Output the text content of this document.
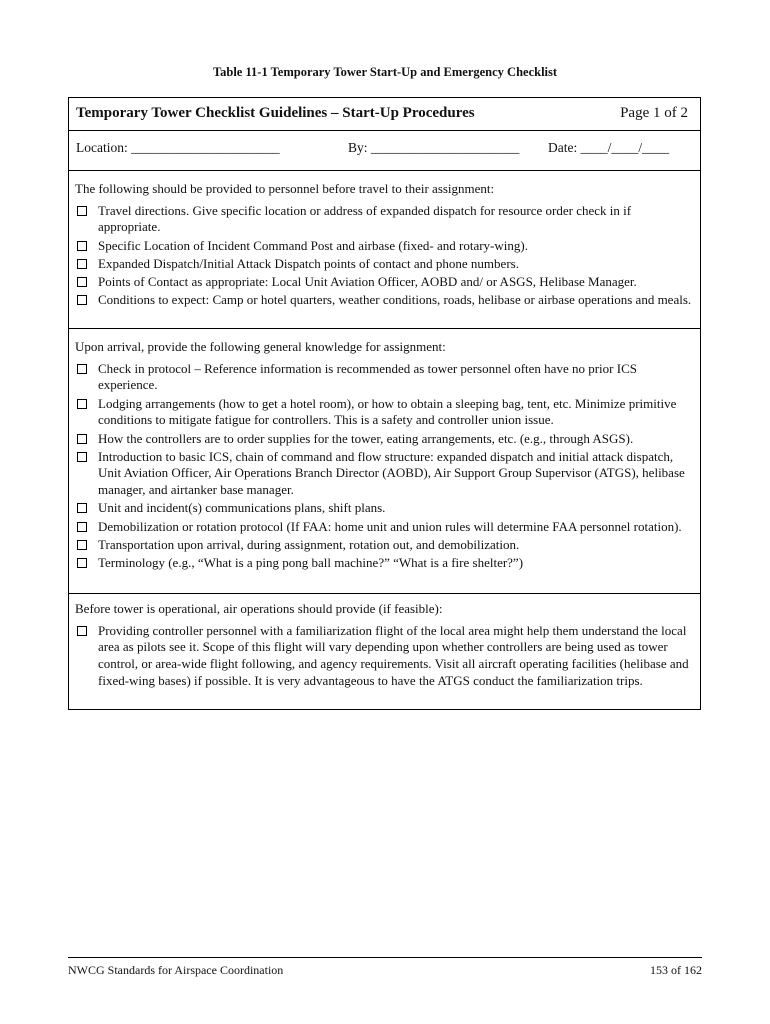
Table 11-1 Temporary Tower Start-Up and Emergency Checklist
Temporary Tower Checklist Guidelines – Start-Up Procedures	Page 1 of 2
Location: ______________________	By: ______________________ Date: ____/____/____

The following should be provided to personnel before travel to their assignment:

Travel directions. Give specific location or address of expanded dispatch for resource order check in if appropriate.
Specific Location of Incident Command Post and airbase (fixed- and rotary-wing).
Expanded Dispatch/Initial Attack Dispatch points of contact and phone numbers.
Points of Contact as appropriate: Local Unit Aviation Officer, AOBD and/ or ASGS, Helibase Manager.
Conditions to expect: Camp or hotel quarters, weather conditions, roads, helibase or airbase operations and meals.

Upon arrival, provide the following general knowledge for assignment:

Check in protocol – Reference information is recommended as tower personnel often have no prior ICS experience.
Lodging arrangements (how to get a hotel room), or how to obtain a sleeping bag, tent, etc. Minimize primitive conditions to mitigate fatigue for controllers. This is a safety and controller union issue.
How the controllers are to order supplies for the tower, eating arrangements, etc. (e.g., through ASGS).
Introduction to basic ICS, chain of command and flow structure: expanded dispatch and initial attack dispatch, Unit Aviation Officer, Air Operations Branch Director (AOBD), Air Support Group Supervisor (ATGS), helibase manager, and airtanker base manager.
Unit and incident(s) communications plans, shift plans.
Demobilization or rotation protocol (If FAA: home unit and union rules will determine FAA personnel rotation).
Transportation upon arrival, during assignment, rotation out, and demobilization.
Terminology (e.g., “What is a ping pong ball machine?” “What is a fire shelter?”)

Before tower is operational, air operations should provide (if feasible):

Providing controller personnel with a familiarization flight of the local area might help them understand the local area as pilots see it. Scope of this flight will vary depending upon whether controllers are being used as tower control, or area-wide flight following, and agency requirements. Visit all aircraft operating facilities (helibase and fixed-wing bases) if possible. It is very advantageous to have the ATGS conduct the familiarization trips.
NWCG Standards for Airspace Coordination	153 of 162
